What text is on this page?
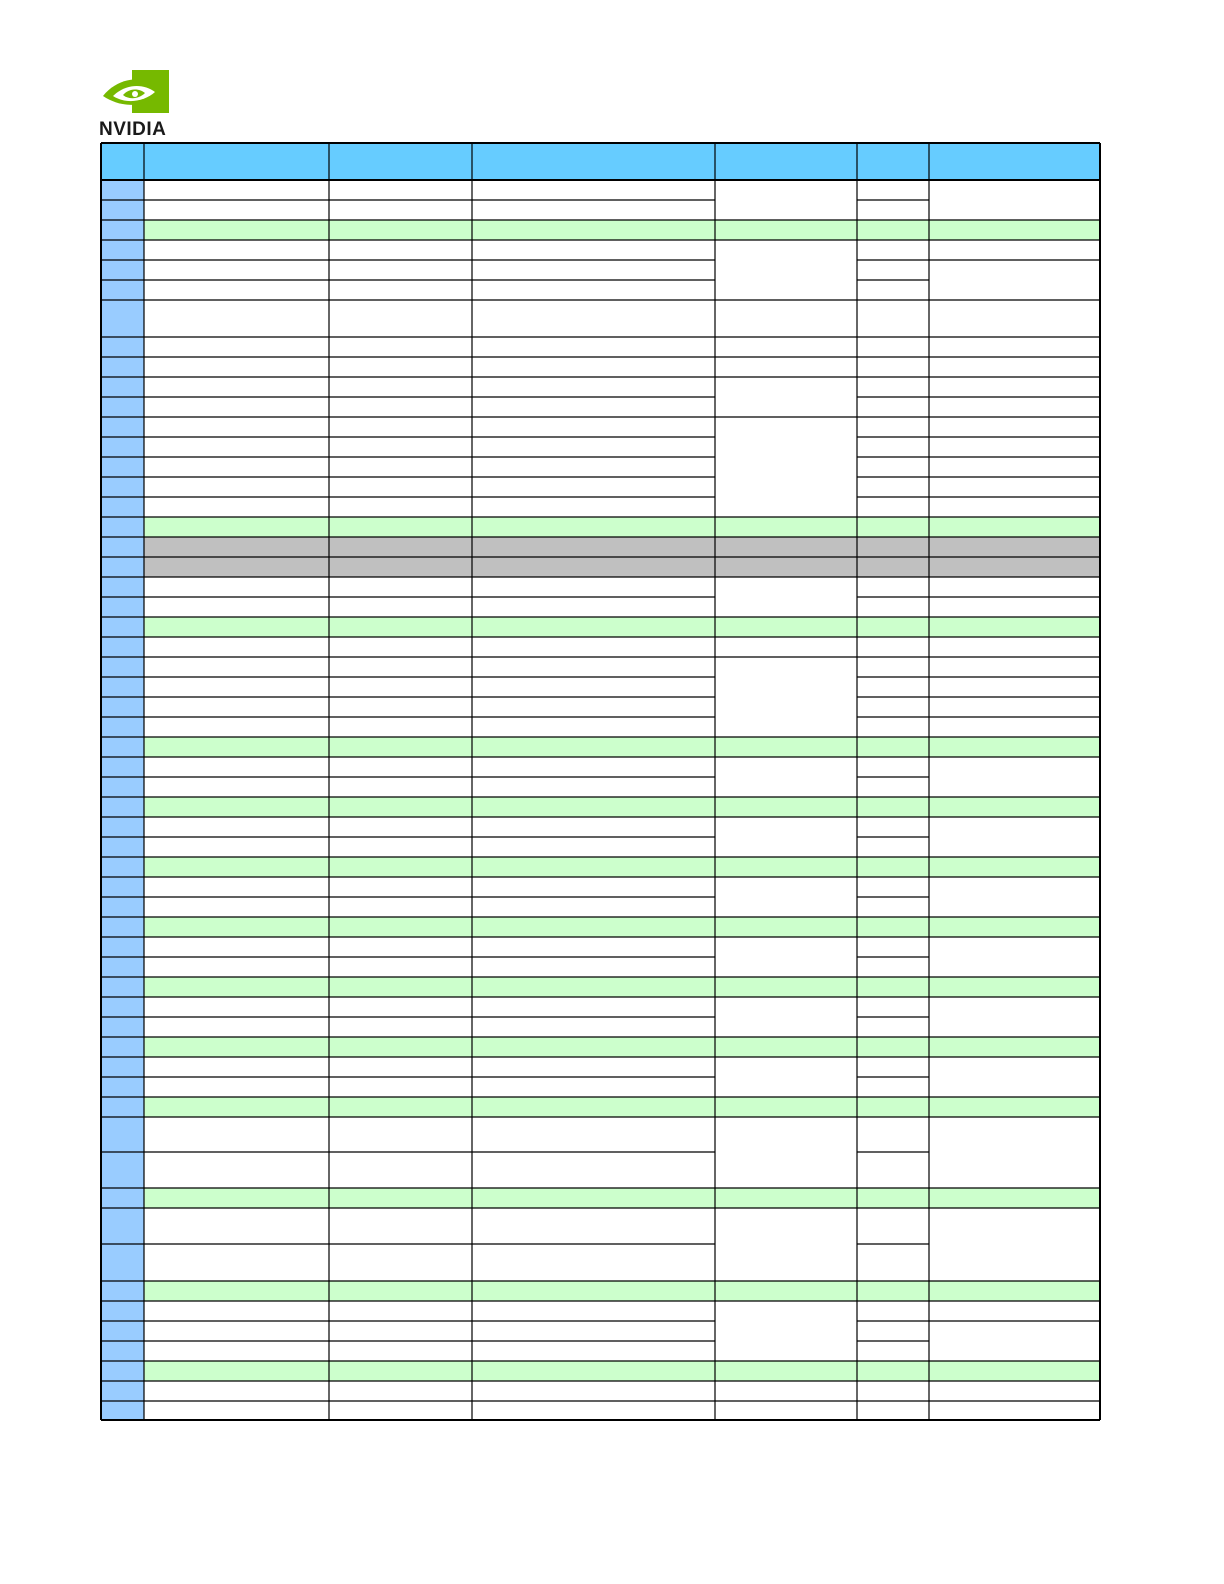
NVIDIA
